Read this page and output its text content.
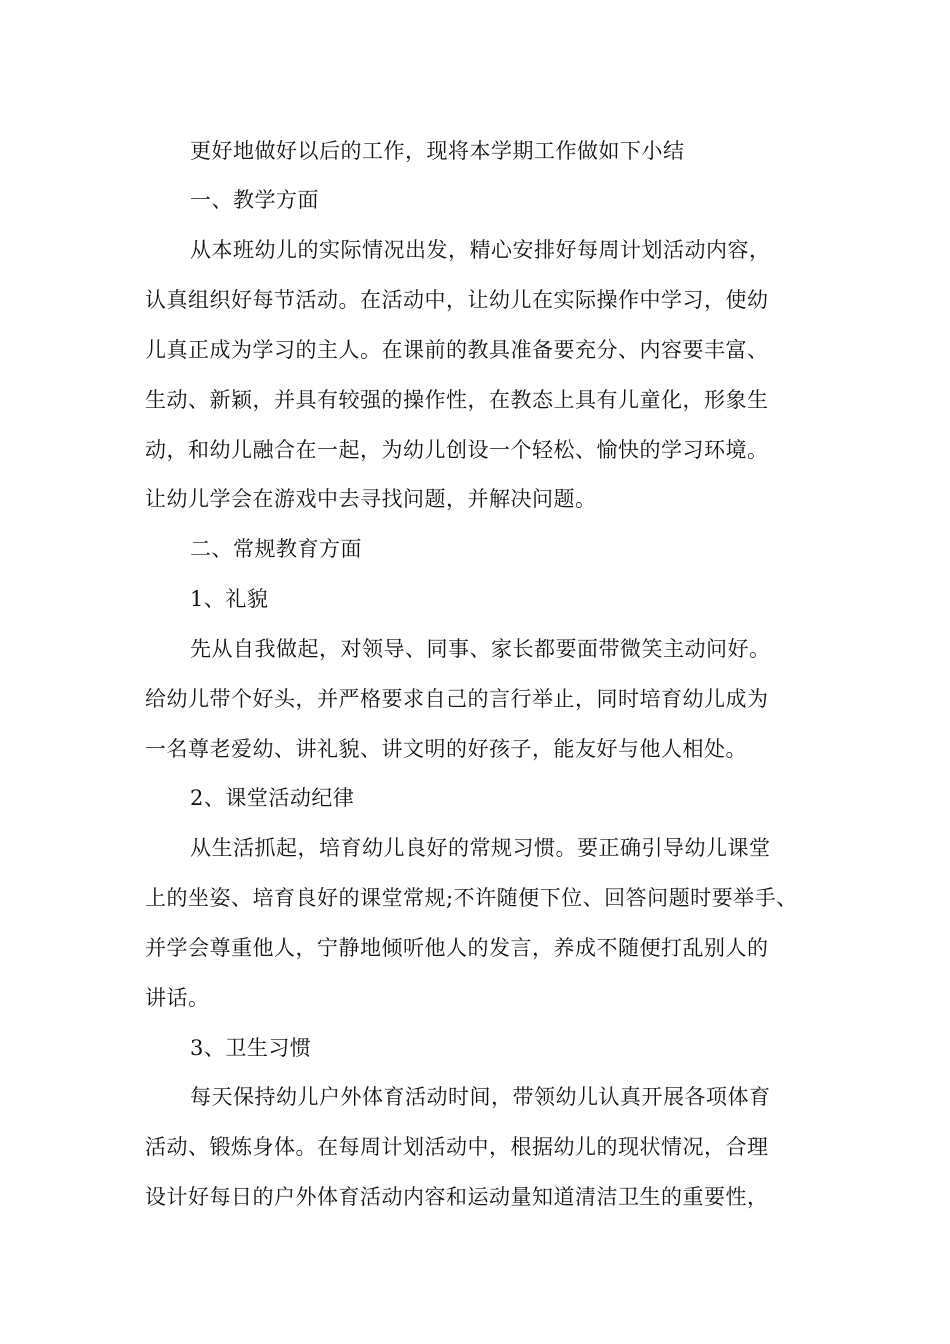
更好地做好以后的工作，现将本学期工作做如下小结
一、教学方面
从本班幼儿的实际情况出发，精心安排好每周计划活动内容，
认真组织好每节活动。在活动中，让幼儿在实际操作中学习，使幼
儿真正成为学习的主人。在课前的教具准备要充分、内容要丰富、
生动、新颖，并具有较强的操作性，在教态上具有儿童化，形象生
动，和幼儿融合在一起，为幼儿创设一个轻松、愉快的学习环境。
让幼儿学会在游戏中去寻找问题，并解决问题。
二、常规教育方面
1、礼貌
先从自我做起，对领导、同事、家长都要面带微笑主动问好。
给幼儿带个好头，并严格要求自己的言行举止，同时培育幼儿成为
一名尊老爱幼、讲礼貌、讲文明的好孩子，能友好与他人相处。
2、课堂活动纪律
从生活抓起，培育幼儿良好的常规习惯。要正确引导幼儿课堂
上的坐姿、培育良好的课堂常规;不许随便下位、回答问题时要举手、
并学会尊重他人，宁静地倾听他人的发言，养成不随便打乱别人的
讲话。
3、卫生习惯
每天保持幼儿户外体育活动时间，带领幼儿认真开展各项体育
活动、锻炼身体。在每周计划活动中，根据幼儿的现状情况，合理
设计好每日的户外体育活动内容和运动量知道清洁卫生的重要性，
